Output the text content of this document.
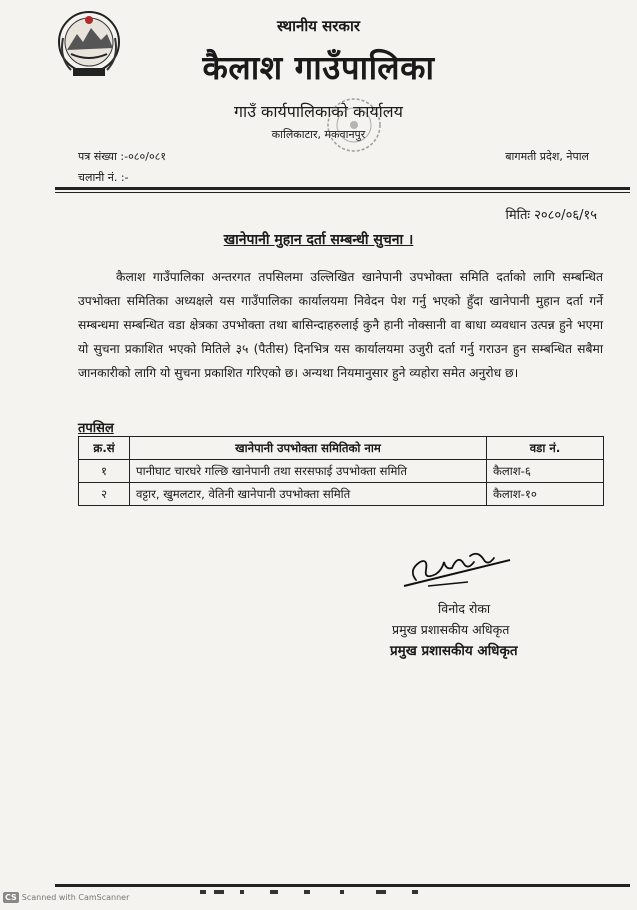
स्थानीय सरकार
कैलाश गाउँपालिका
गाउँ कार्यपालिकाको कार्यालय
कालिकाटार, मकवानपुर
पत्र संख्या :-०८०/०८१
चलानी नं. :-
बागमती प्रदेश, नेपाल
मितिः २०८०/०६/१५
खानेपानी मुहान दर्ता सम्बन्धी सुचना ।
कैलाश गाउँपालिका अन्तरगत तपसिलमा उल्लिखित खानेपानी उपभोक्ता समिति दर्ताको लागि सम्बन्धित उपभोक्ता समितिका अध्यक्षले यस गाउँपालिका कार्यालयमा निवेदन पेश गर्नु भएको हुँदा खानेपानी मुहान दर्ता गर्ने सम्बन्धमा सम्बन्धित वडा क्षेत्रका उपभोक्ता तथा बासिन्दाहरुलाई कुनै हानी नोक्सानी वा बाधा व्यवधान उत्पन्न हुने भएमा यो सुचना प्रकाशित भएको मितिले ३५ (पैतीस) दिनभित्र यस कार्यालयमा उजुरी दर्ता गर्नु गराउन हुन सम्बन्धित सबैमा जानकारीको लागि यो सुचना प्रकाशित गरिएको छ। अन्यथा नियमानुसार हुने व्यहोरा समेत अनुरोध छ।
तपसिल
क्र.सं	खानेपानी उपभोक्ता समितिको नाम	वडा नं.
१	पानीघाट चारघरे गल्छि खानेपानी तथा सरसफाई उपभोक्ता समिति	कैलाश-६
२	वट्टार, खुमलटार, वेतिनी खानेपानी उपभोक्ता समिति	कैलाश-१०
विनोद रोका
प्रमुख प्रशासकीय अधिकृत
प्रमुख प्रशासकीय अधिकृत
CS Scanned with CamScanner
